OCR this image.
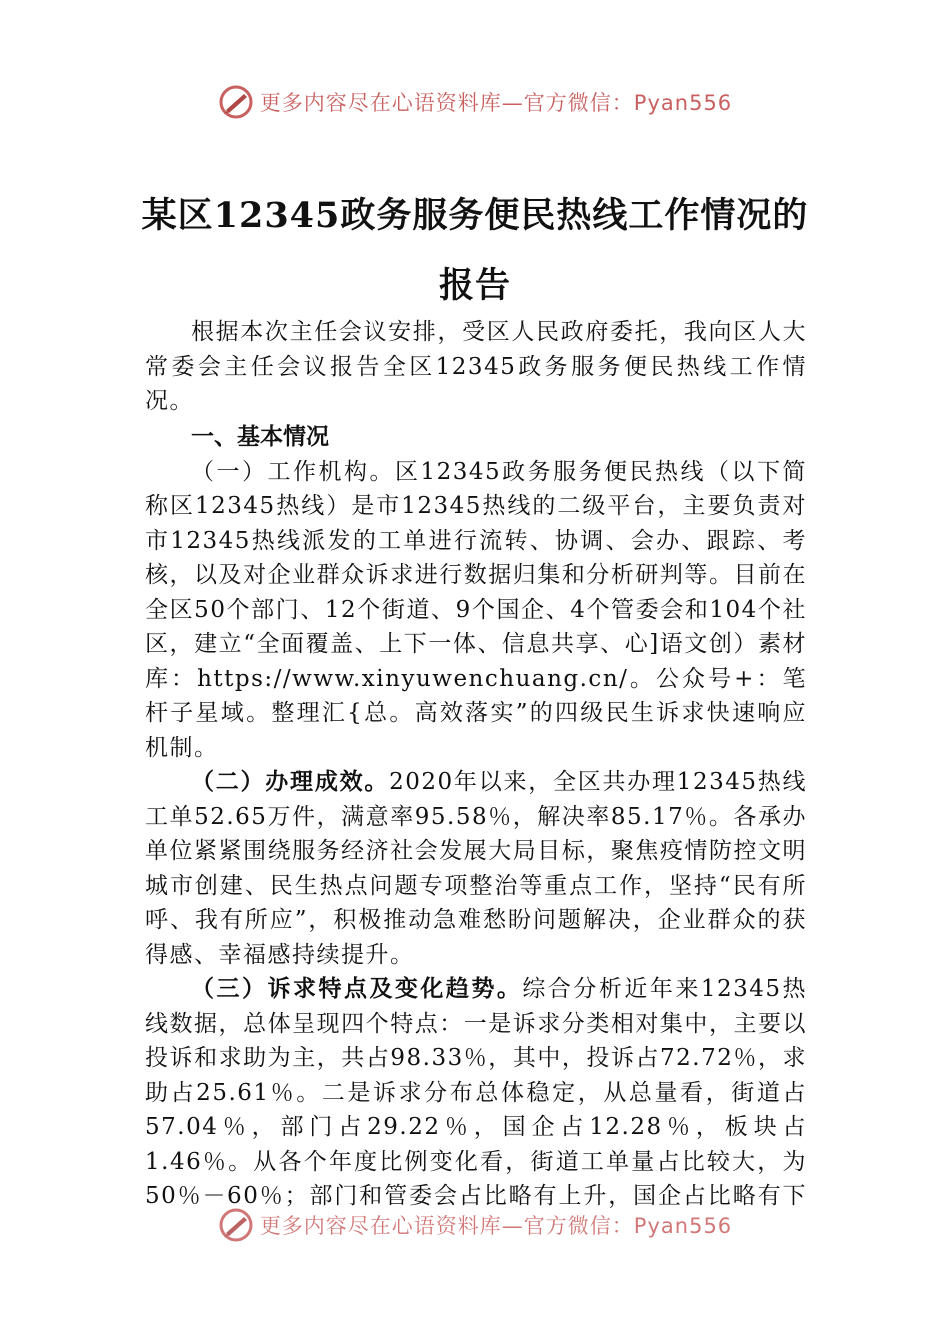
更多内容尽在心语资料库—官方微信：Pyan556
某区12345政务服务便民热线工作情况的
报告

根据本次主任会议安排，受区人民政府委托，我向区人大常委会主任会议报告全区12345政务服务便民热线工作情况。

一、基本情况

（一）工作机构。区12345政务服务便民热线（以下简称区12345热线）是市12345热线的二级平台，主要负责对市12345热线派发的工单进行流转、协调、会办、跟踪、考核，以及对企业群众诉求进行数据归集和分析研判等。目前在全区50个部门、12个街道、9个国企、4个管委会和104个社区，建立“全面覆盖、上下一体、信息共享、心]语文创）素材库：https://www.xinyuwenchuang.cn/。公众号+：笔杆子星域。整理汇{总。高效落实”的四级民生诉求快速响应机制。

（二）办理成效。2020年以来，全区共办理12345热线工单52.65万件，满意率95.58％，解决率85.17％。各承办单位紧紧围绕服务经济社会发展大局目标，聚焦疫情防控文明城市创建、民生热点问题专项整治等重点工作，坚持“民有所呼、我有所应”，积极推动急难愁盼问题解决，企业群众的获得感、幸福感持续提升。

（三）诉求特点及变化趋势。综合分析近年来12345热线数据，总体呈现四个特点：一是诉求分类相对集中，主要以投诉和求助为主，共占98.33％，其中，投诉占72.72％，求助占25.61％。二是诉求分布总体稳定，从总量看，街道占57.04％，部门占29.22％，国企占12.28％，板块占1.46％。从各个年度比例变化看，街道工单量占比较大，为50％－60％；部门和管委会占比略有上升，国企占比略有下

更多内容尽在心语资料库—官方微信：Pyan556
